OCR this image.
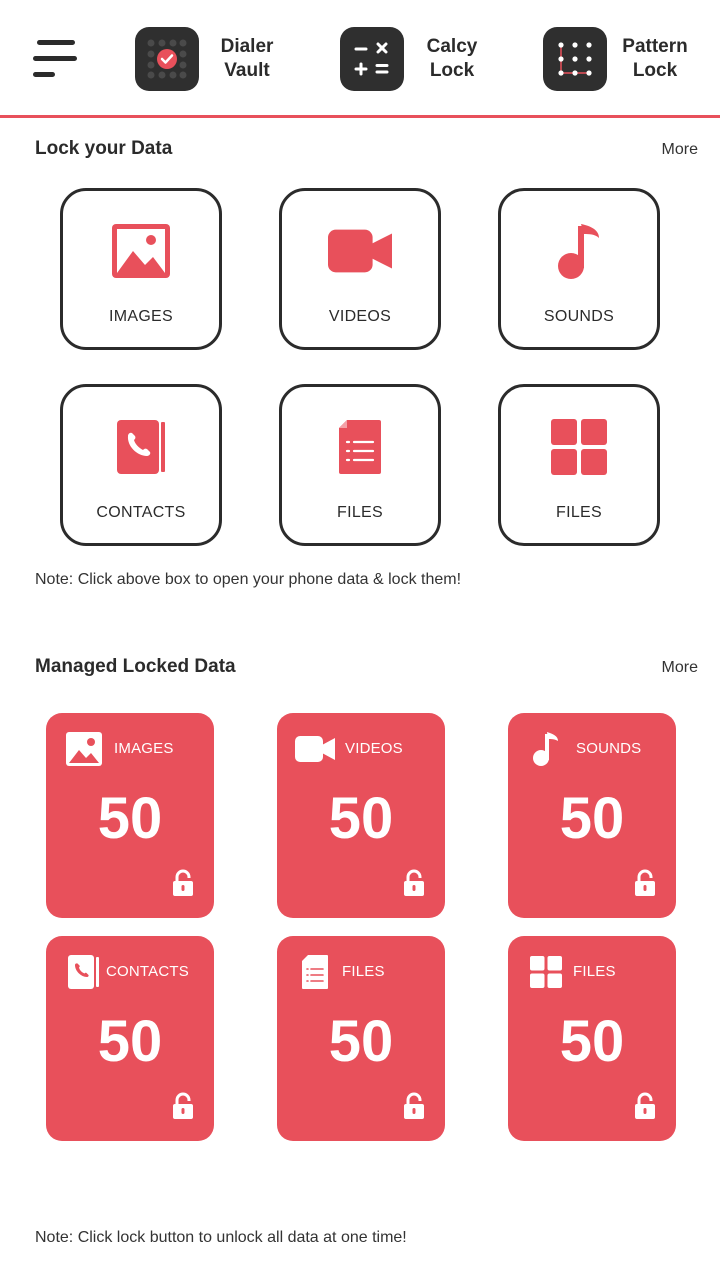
Dialer
Vault
Calcy
Lock
Pattern
Lock
Lock your Data	More
IMAGES	VIDEOS	SOUNDS
CONTACTS	FILES	FILES
Note: Click above box to open your phone data & lock them!
Managed Locked Data	More
IMAGES
50
VIDEOS
50
SOUNDS
50
CONTACTS
50
FILES
50
FILES
50
Note: Click lock button to unlock all data at one time!
